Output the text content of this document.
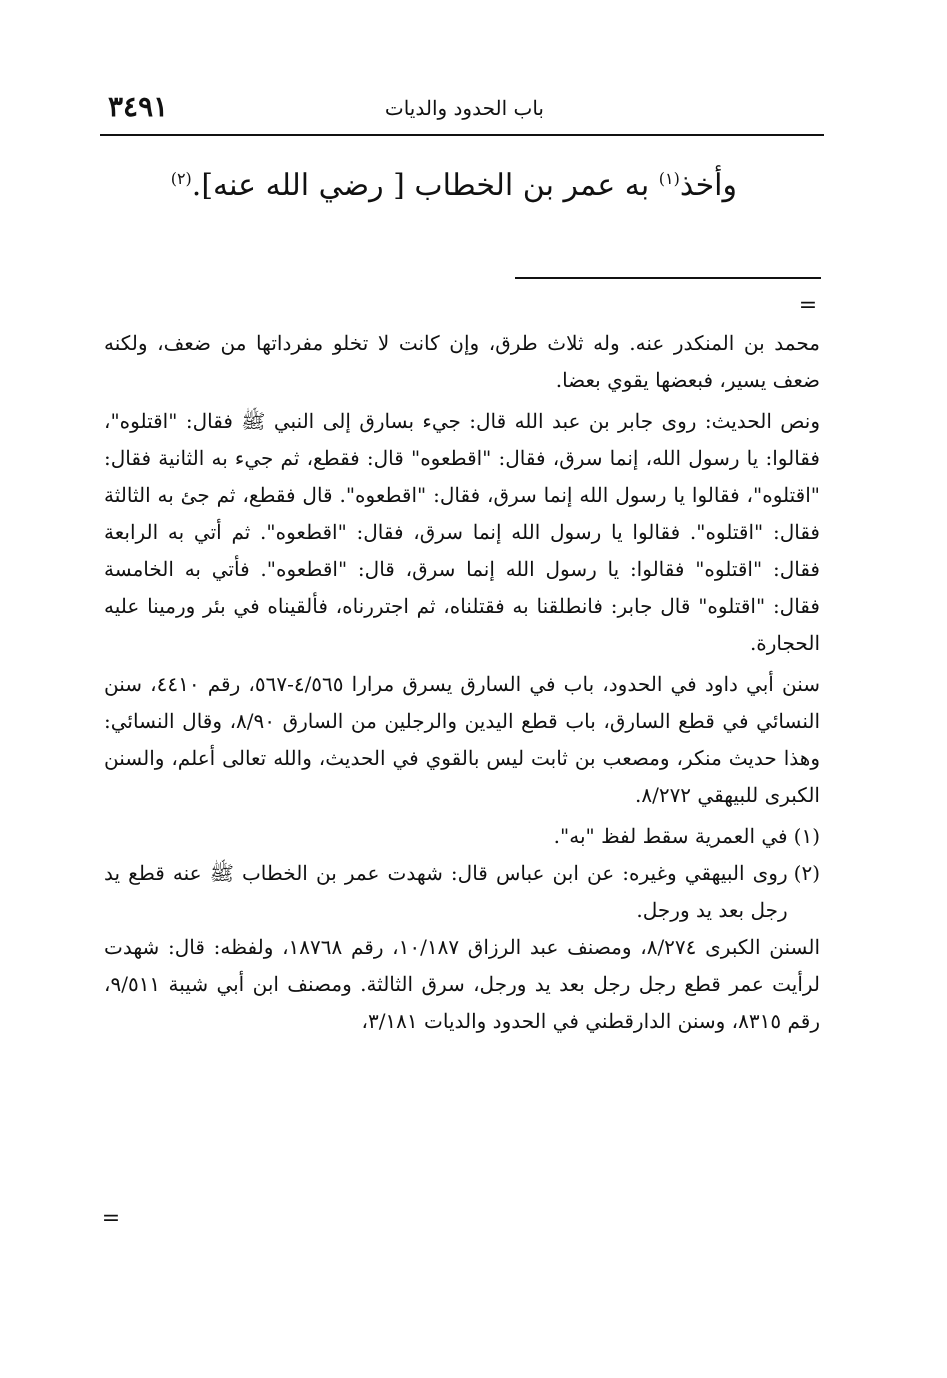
باب الحدود والديات
٣٤٩١
وأخذ$^{(١)}$ به عمر بن الخطاب [ رضي الله عنه].$^{(٢)}$
=

محمد بن المنكدر عنه. وله ثلاث طرق، وإن كانت لا تخلو مفرداتها من ضعف، ولكنه ضعف يسير، فبعضها يقوي بعضا.

ونص الحديث: روى جابر بن عبد الله قال: جيء بسارق إلى النبي ﷺ فقال: "اقتلوه"، فقالوا: يا رسول الله، إنما سرق، فقال: "اقطعوه" قال: فقطع، ثم جيء به الثانية فقال: "اقتلوه"، فقالوا يا رسول الله إنما سرق، فقال: "اقطعوه". قال فقطع، ثم جئ به الثالثة فقال: "اقتلوه". فقالوا يا رسول الله إنما سرق، فقال: "اقطعوه". ثم أتي به الرابعة فقال: "اقتلوه" فقالوا: يا رسول الله إنما سرق، قال: "اقطعوه". فأتي به الخامسة فقال: "اقتلوه" قال جابر: فانطلقنا به فقتلناه، ثم اجتررناه، فألقيناه في بئر ورمينا عليه الحجارة.

سنن أبي داود في الحدود، باب في السارق يسرق مرارا ٤/٥٦٥-٥٦٧، رقم ٤٤١٠، سنن النسائي في قطع السارق، باب قطع اليدين والرجلين من السارق ٨/٩٠، وقال النسائي: وهذا حديث منكر، ومصعب بن ثابت ليس بالقوي في الحديث، والله تعالى أعلم، والسنن الكبرى للبيهقي ٨/٢٧٢.

(١)
في العمرية سقط لفظ "به".
(٢)
روى البيهقي وغيره: عن ابن عباس قال: شهدت عمر بن الخطاب ﷺ عنه قطع يد رجل بعد يد ورجل.

السنن الكبرى ٨/٢٧٤، ومصنف عبد الرزاق ١٠/١٨٧، رقم ١٨٧٦٨، ولفظه: قال: شهدت لرأيت عمر قطع رجل رجل بعد يد ورجل، سرق الثالثة. ومصنف ابن أبي شيبة ٩/٥١١، رقم ٨٣١٥، وسنن الدارقطني في الحدود والديات ٣/١٨١،

=
